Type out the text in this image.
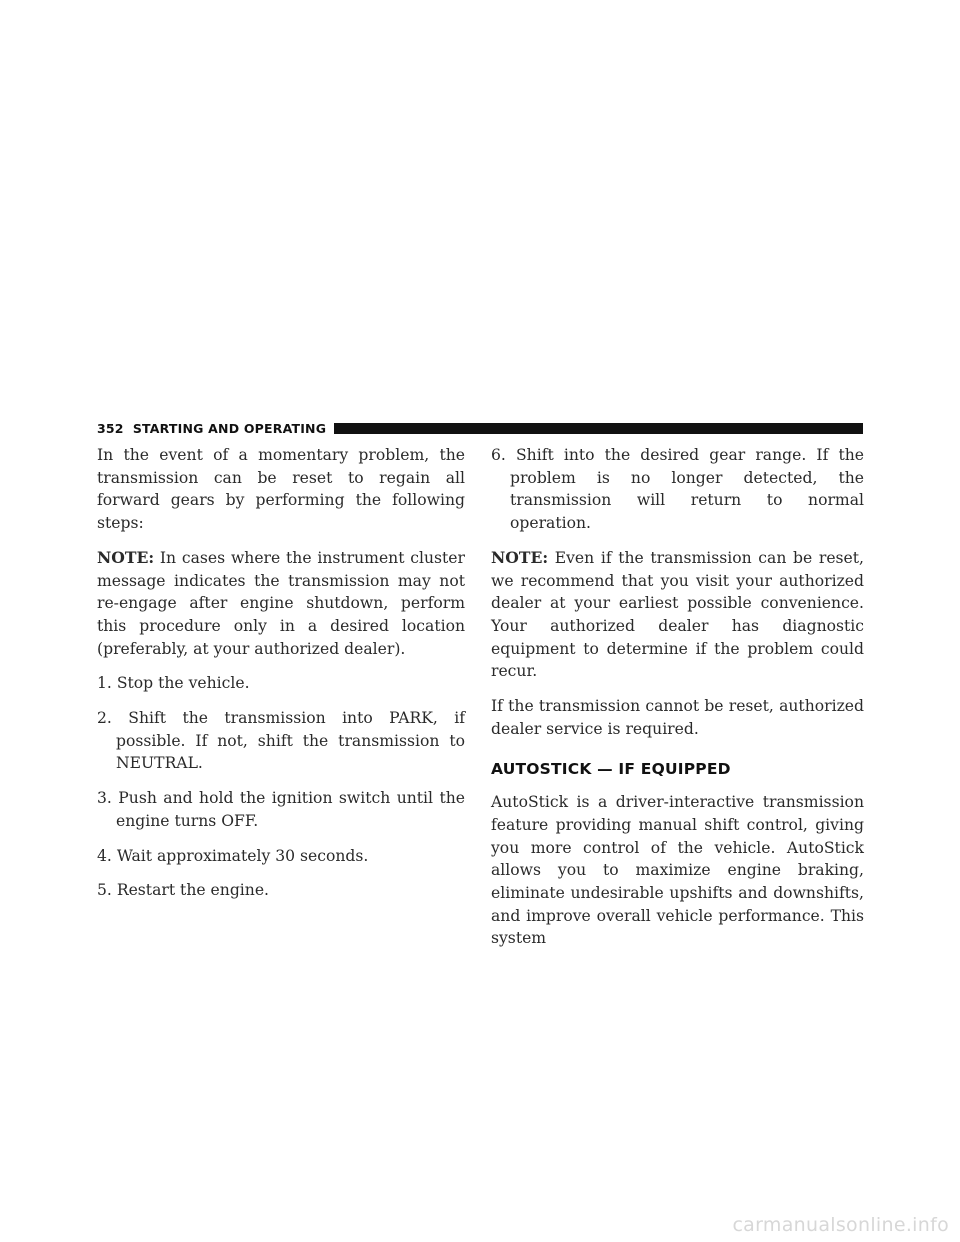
352 STARTING AND OPERATING

In the event of a momentary problem, the transmission can be reset to regain all forward gears by performing the following steps:

NOTE: In cases where the instrument cluster message indicates the transmission may not re-engage after engine shutdown, perform this procedure only in a desired location (preferably, at your authorized dealer).

1. Stop the vehicle.

2. Shift the transmission into PARK, if possible. If not, shift the transmission to NEUTRAL.

3. Push and hold the ignition switch until the engine turns OFF.

4. Wait approximately 30 seconds.

5. Restart the engine.

6. Shift into the desired gear range. If the problem is no longer detected, the transmission will return to normal operation.

NOTE: Even if the transmission can be reset, we recommend that you visit your authorized dealer at your earliest possible convenience. Your authorized dealer has diagnostic equipment to determine if the problem could recur.

If the transmission cannot be reset, authorized dealer service is required.

AUTOSTICK — IF EQUIPPED

AutoStick is a driver-interactive transmission feature providing manual shift control, giving you more control of the vehicle. AutoStick allows you to maximize engine braking, eliminate undesirable upshifts and downshifts, and improve overall vehicle performance. This system

carmanualsonline.info
